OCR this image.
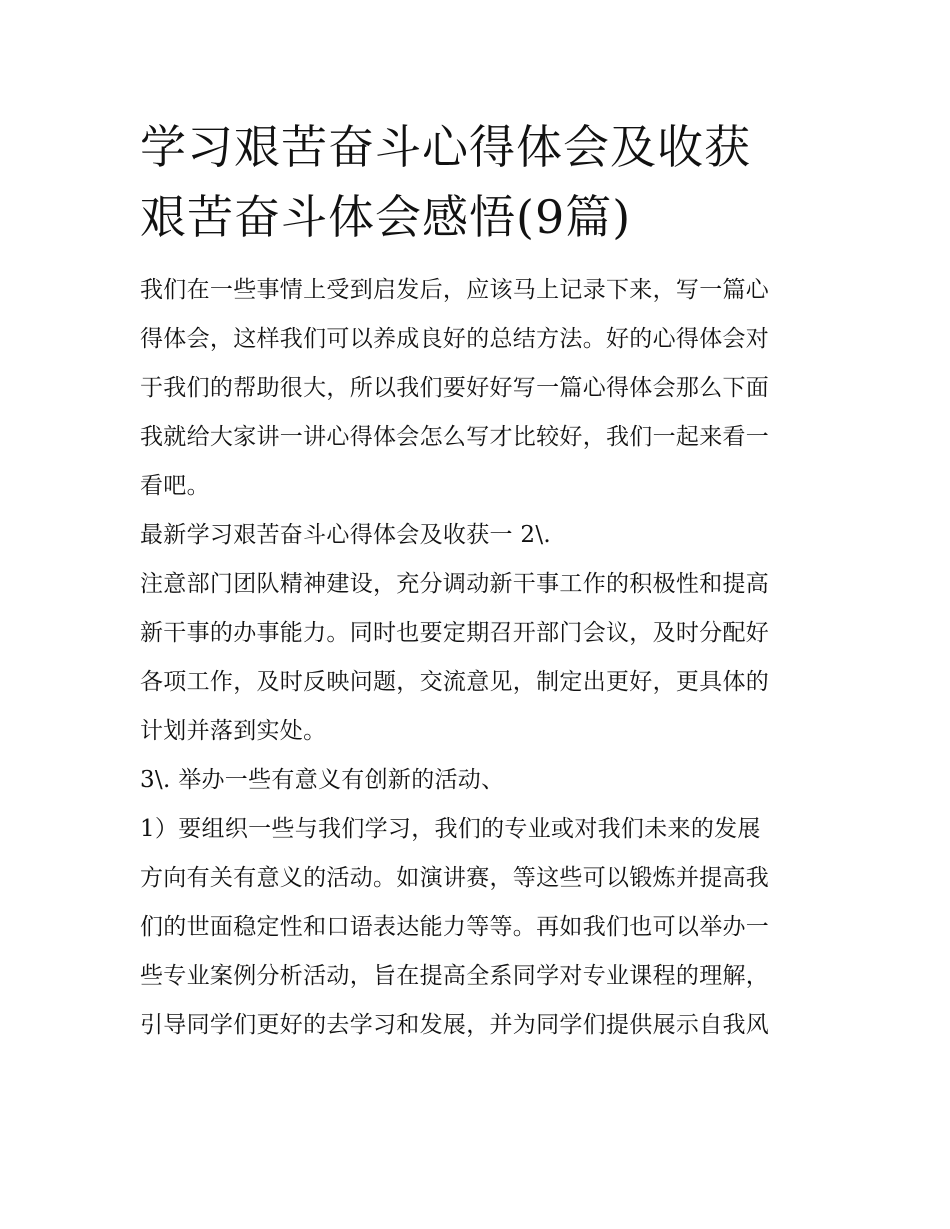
学习艰苦奋斗心得体会及收获
艰苦奋斗体会感悟(9篇)

我们在一些事情上受到启发后，应该马上记录下来，写一篇心
得体会，这样我们可以养成良好的总结方法。好的心得体会对
于我们的帮助很大，所以我们要好好写一篇心得体会那么下面
我就给大家讲一讲心得体会怎么写才比较好，我们一起来看一
看吧。

最新学习艰苦奋斗心得体会及收获一 2\.

注意部门团队精神建设，充分调动新干事工作的积极性和提高
新干事的办事能力。同时也要定期召开部门会议，及时分配好
各项工作，及时反映问题，交流意见，制定出更好，更具体的
计划并落到实处。

3\. 举办一些有意义有创新的活动、

1）要组织一些与我们学习，我们的专业或对我们未来的发展
方向有关有意义的活动。如演讲赛，等这些可以锻炼并提高我
们的世面稳定性和口语表达能力等等。再如我们也可以举办一
些专业案例分析活动，旨在提高全系同学对专业课程的理解，
引导同学们更好的去学习和发展，并为同学们提供展示自我风
